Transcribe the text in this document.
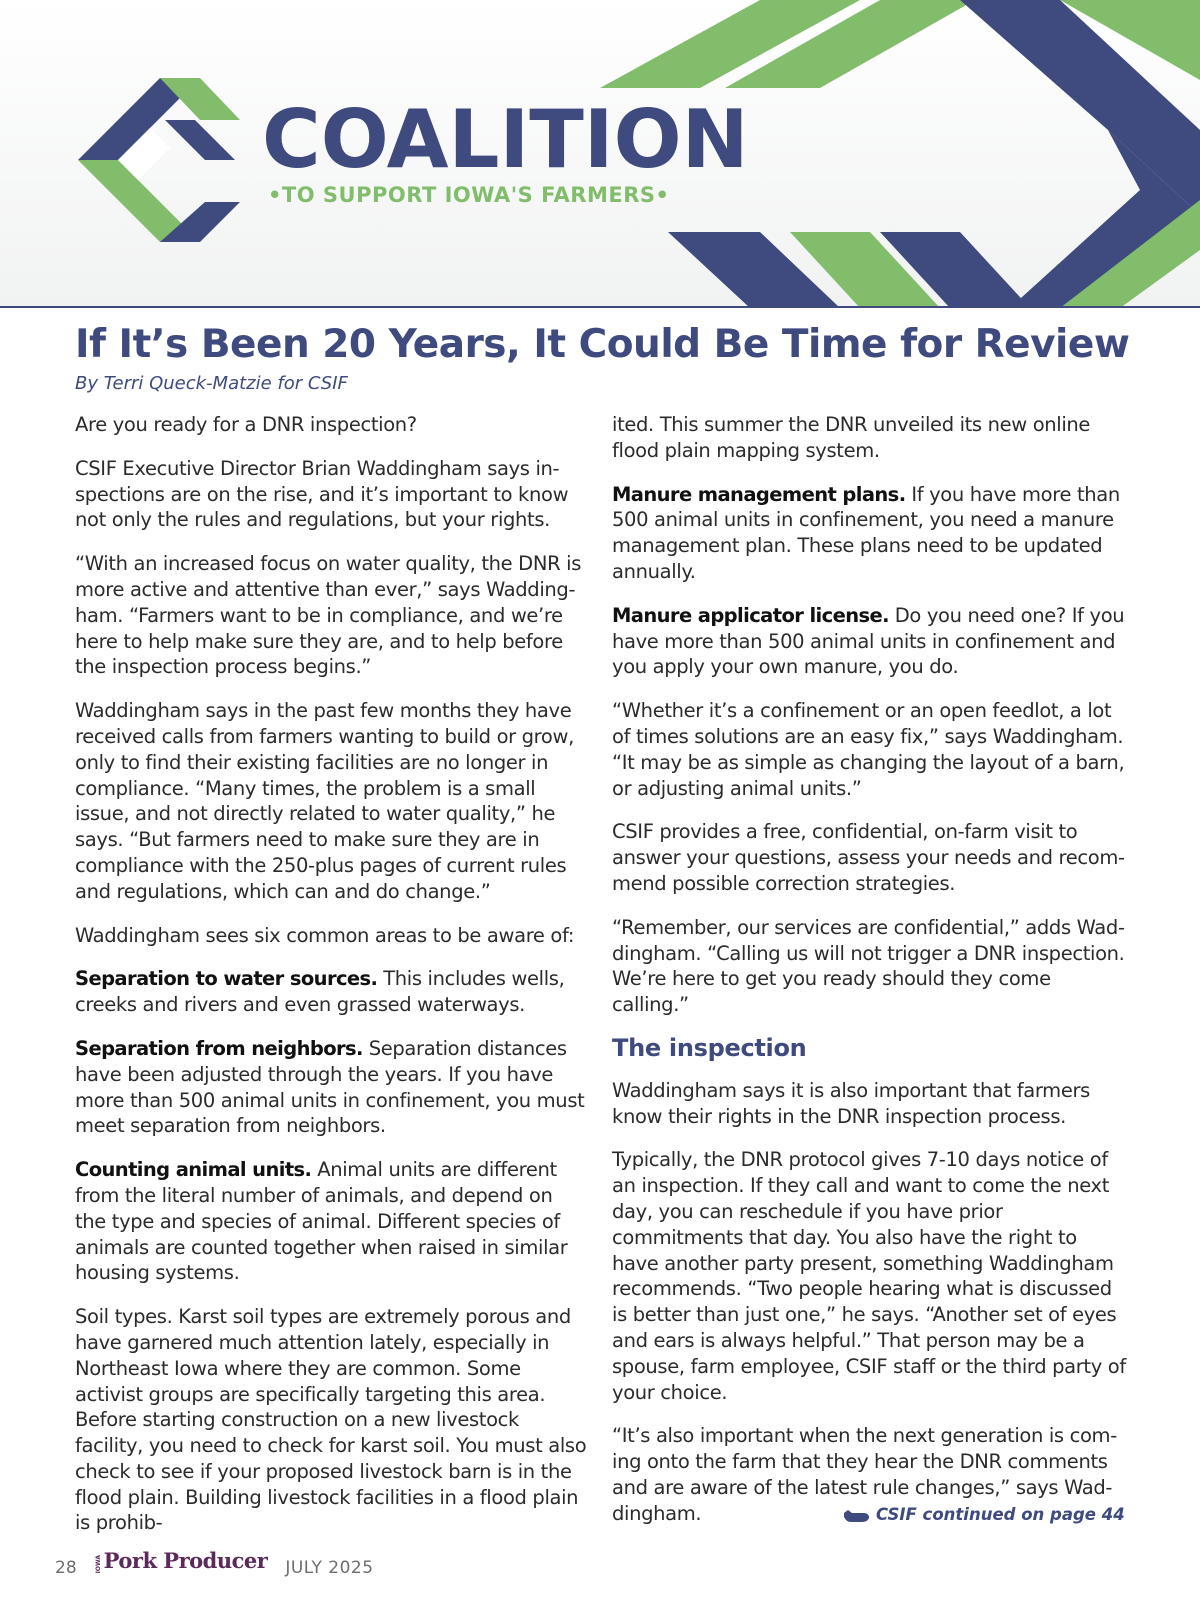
COALITION
•TO SUPPORT IOWA'S FARMERS•
If It’s Been 20 Years, It Could Be Time for Review
By Terri Queck-Matzie for CSIF

Are you ready for a DNR inspection?

CSIF Executive Director Brian Waddingham says inspections are on the rise, and it’s important to know not only the rules and regulations, but your rights.

“With an increased focus on water quality, the DNR is more active and attentive than ever,” says Waddingham. “Farmers want to be in compliance, and we’re here to help make sure they are, and to help before the inspection process begins.”

Waddingham says in the past few months they have received calls from farmers wanting to build or grow, only to find their existing facilities are no longer in compliance. “Many times, the problem is a small issue, and not directly related to water quality,” he says. “But farmers need to make sure they are in compliance with the 250-plus pages of current rules and regulations, which can and do change.”

Waddingham sees six common areas to be aware of:

Separation to water sources. This includes wells, creeks and rivers and even grassed waterways.

Separation from neighbors. Separation distances have been adjusted through the years. If you have more than 500 animal units in confinement, you must meet separation from neighbors.

Counting animal units. Animal units are different from the literal number of animals, and depend on the type and species of animal. Different species of animals are counted together when raised in similar housing systems.

Soil types. Karst soil types are extremely porous and have garnered much attention lately, especially in Northeast Iowa where they are common. Some activist groups are specifically targeting this area. Before starting construction on a new livestock facility, you need to check for karst soil. You must also check to see if your proposed livestock barn is in the flood plain. Building livestock facilities in a flood plain is prohib-

ited. This summer the DNR unveiled its new online flood plain mapping system.

Manure management plans. If you have more than 500 animal units in confinement, you need a manure management plan. These plans need to be updated annually.

Manure applicator license. Do you need one? If you have more than 500 animal units in confinement and you apply your own manure, you do.

“Whether it’s a confinement or an open feedlot, a lot of times solutions are an easy fix,” says Waddingham. “It may be as simple as changing the layout of a barn, or adjusting animal units.”

CSIF provides a free, confidential, on-farm visit to answer your questions, assess your needs and recommend possible correction strategies.

“Remember, our services are confidential,” adds Waddingham. “Calling us will not trigger a DNR inspection. We’re here to get you ready should they come calling.”

The inspection

Waddingham says it is also important that farmers know their rights in the DNR inspection process.

Typically, the DNR protocol gives 7-10 days notice of an inspection. If they call and want to come the next day, you can reschedule if you have prior commitments that day. You also have the right to have another party present, something Waddingham recommends. “Two people hearing what is discussed is better than just one,” he says. “Another set of eyes and ears is always helpful.” That person may be a spouse, farm employee, CSIF staff or the third party of your choice.

“It’s also important when the next generation is coming onto the farm that they hear the DNR comments and are aware of the latest rule changes,” says Waddingham.	CSIF continued on page 44
28	IOWA Pork Producer JULY 2025
